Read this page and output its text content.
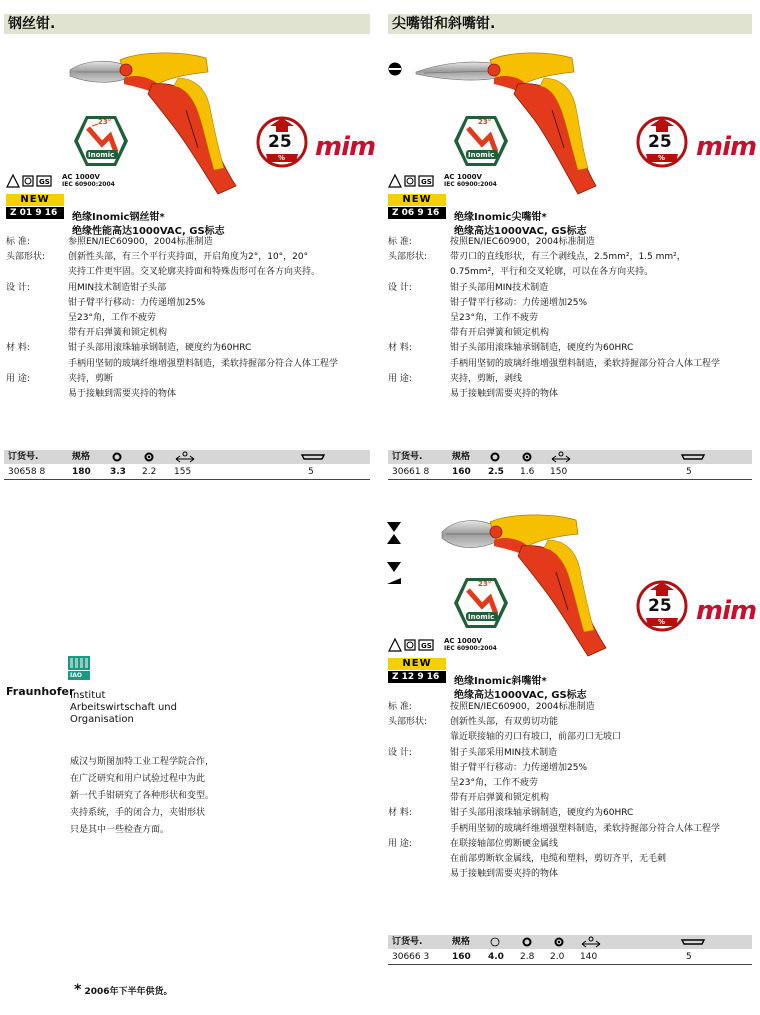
钢丝钳.	尖嘴钳和斜嘴钳.
23°
Inomic
25
% mim
GS
AC 1000V
IEC 60900:2004
NEW
Z 01 9 16	绝缘Inomic钢丝钳*
绝缘性能高达1000VAC, GS标志
标 准:	参照EN/IEC60900，2004标准制造
头部形状:	创新性头部，有三个平行夹持面，开启角度为2°，10°，20°
夹持工件更牢固。交叉轮廓夹持面和特殊齿形可在各方向夹持。
设 计:	用MIN技术制造钳子头部
钳子臂平行移动：力传递增加25%
呈23°角，工作不疲劳
带有开启弹簧和锁定机构
材 料:	钳子头部用滚珠轴承钢制造，硬度约为60HRC
手柄用坚韧的玻璃纤维增强塑料制造，柔软持握部分符合人体工程学
用 途:	夹持，剪断
易于接触到需要夹持的物体
订货号.	规格
30658 8	180 3.3 2.2 155	5
23°
Inomic
25
% mim
GS
AC 1000V
IEC 60900:2004
NEW
Z 06 9 16	绝缘Inomic尖嘴钳*
绝缘高达1000VAC, GS标志
标 准:	按照EN/IEC60900，2004标准制造
头部形状:	带刃口的直线形状，有三个剥线点，2.5mm²，1.5 mm²，
0.75mm²，平行和交叉轮廓，可以在各方向夹持。
设 计:	钳子头部用MIN技术制造
钳子臂平行移动：力传递增加25%
呈23°角，工作不疲劳
带有开启弹簧和锁定机构
材 料:	钳子头部用滚珠轴承钢制造，硬度约为60HRC
手柄用坚韧的玻璃纤维增强塑料制造，柔软持握部分符合人体工程学
用 途:	夹持，剪断，剥线
易于接触到需要夹持的物体
订货号.	规格
30661 8	160 2.5 1.6 150	5
23°
Inomic
25
% mim
GS
AC 1000V
IEC 60900:2004
NEW
Z 12 9 16	绝缘Inomic斜嘴钳*
绝缘高达1000VAC, GS标志
标 准:	按照EN/IEC60900，2004标准制造
头部形状:	创新性头部，有双剪切功能
靠近联接轴的刃口有坡口，前部刃口无坡口
设 计:	钳子头部采用MIN技术制造
钳子臂平行移动：力传递增加25%
呈23°角，工作不疲劳
带有开启弹簧和锁定机构
材 料:	钳子头部用滚珠轴承钢制造，硬度约为60HRC
手柄用坚韧的玻璃纤维增强塑料制造，柔软持握部分符合人体工程学
用 途:	在联接轴部位剪断硬金属线
在前部剪断软金属线，电缆和塑料，剪切齐平，无毛刺
易于接触到需要夹持的物体
订货号.	规格
30666 3	160 4.0 2.8 2.0 140	5
IAO
Fraunhofer
Institut
Arbeitswirtschaft und
Organisation
威汉与斯图加特工业工程学院合作，
在广泛研究和用户试验过程中为此
新一代手钳研究了各种形状和变型。
夹持系统，手的闭合力，夹钳形状
只是其中一些检查方面。
* 2006年下半年供货。
